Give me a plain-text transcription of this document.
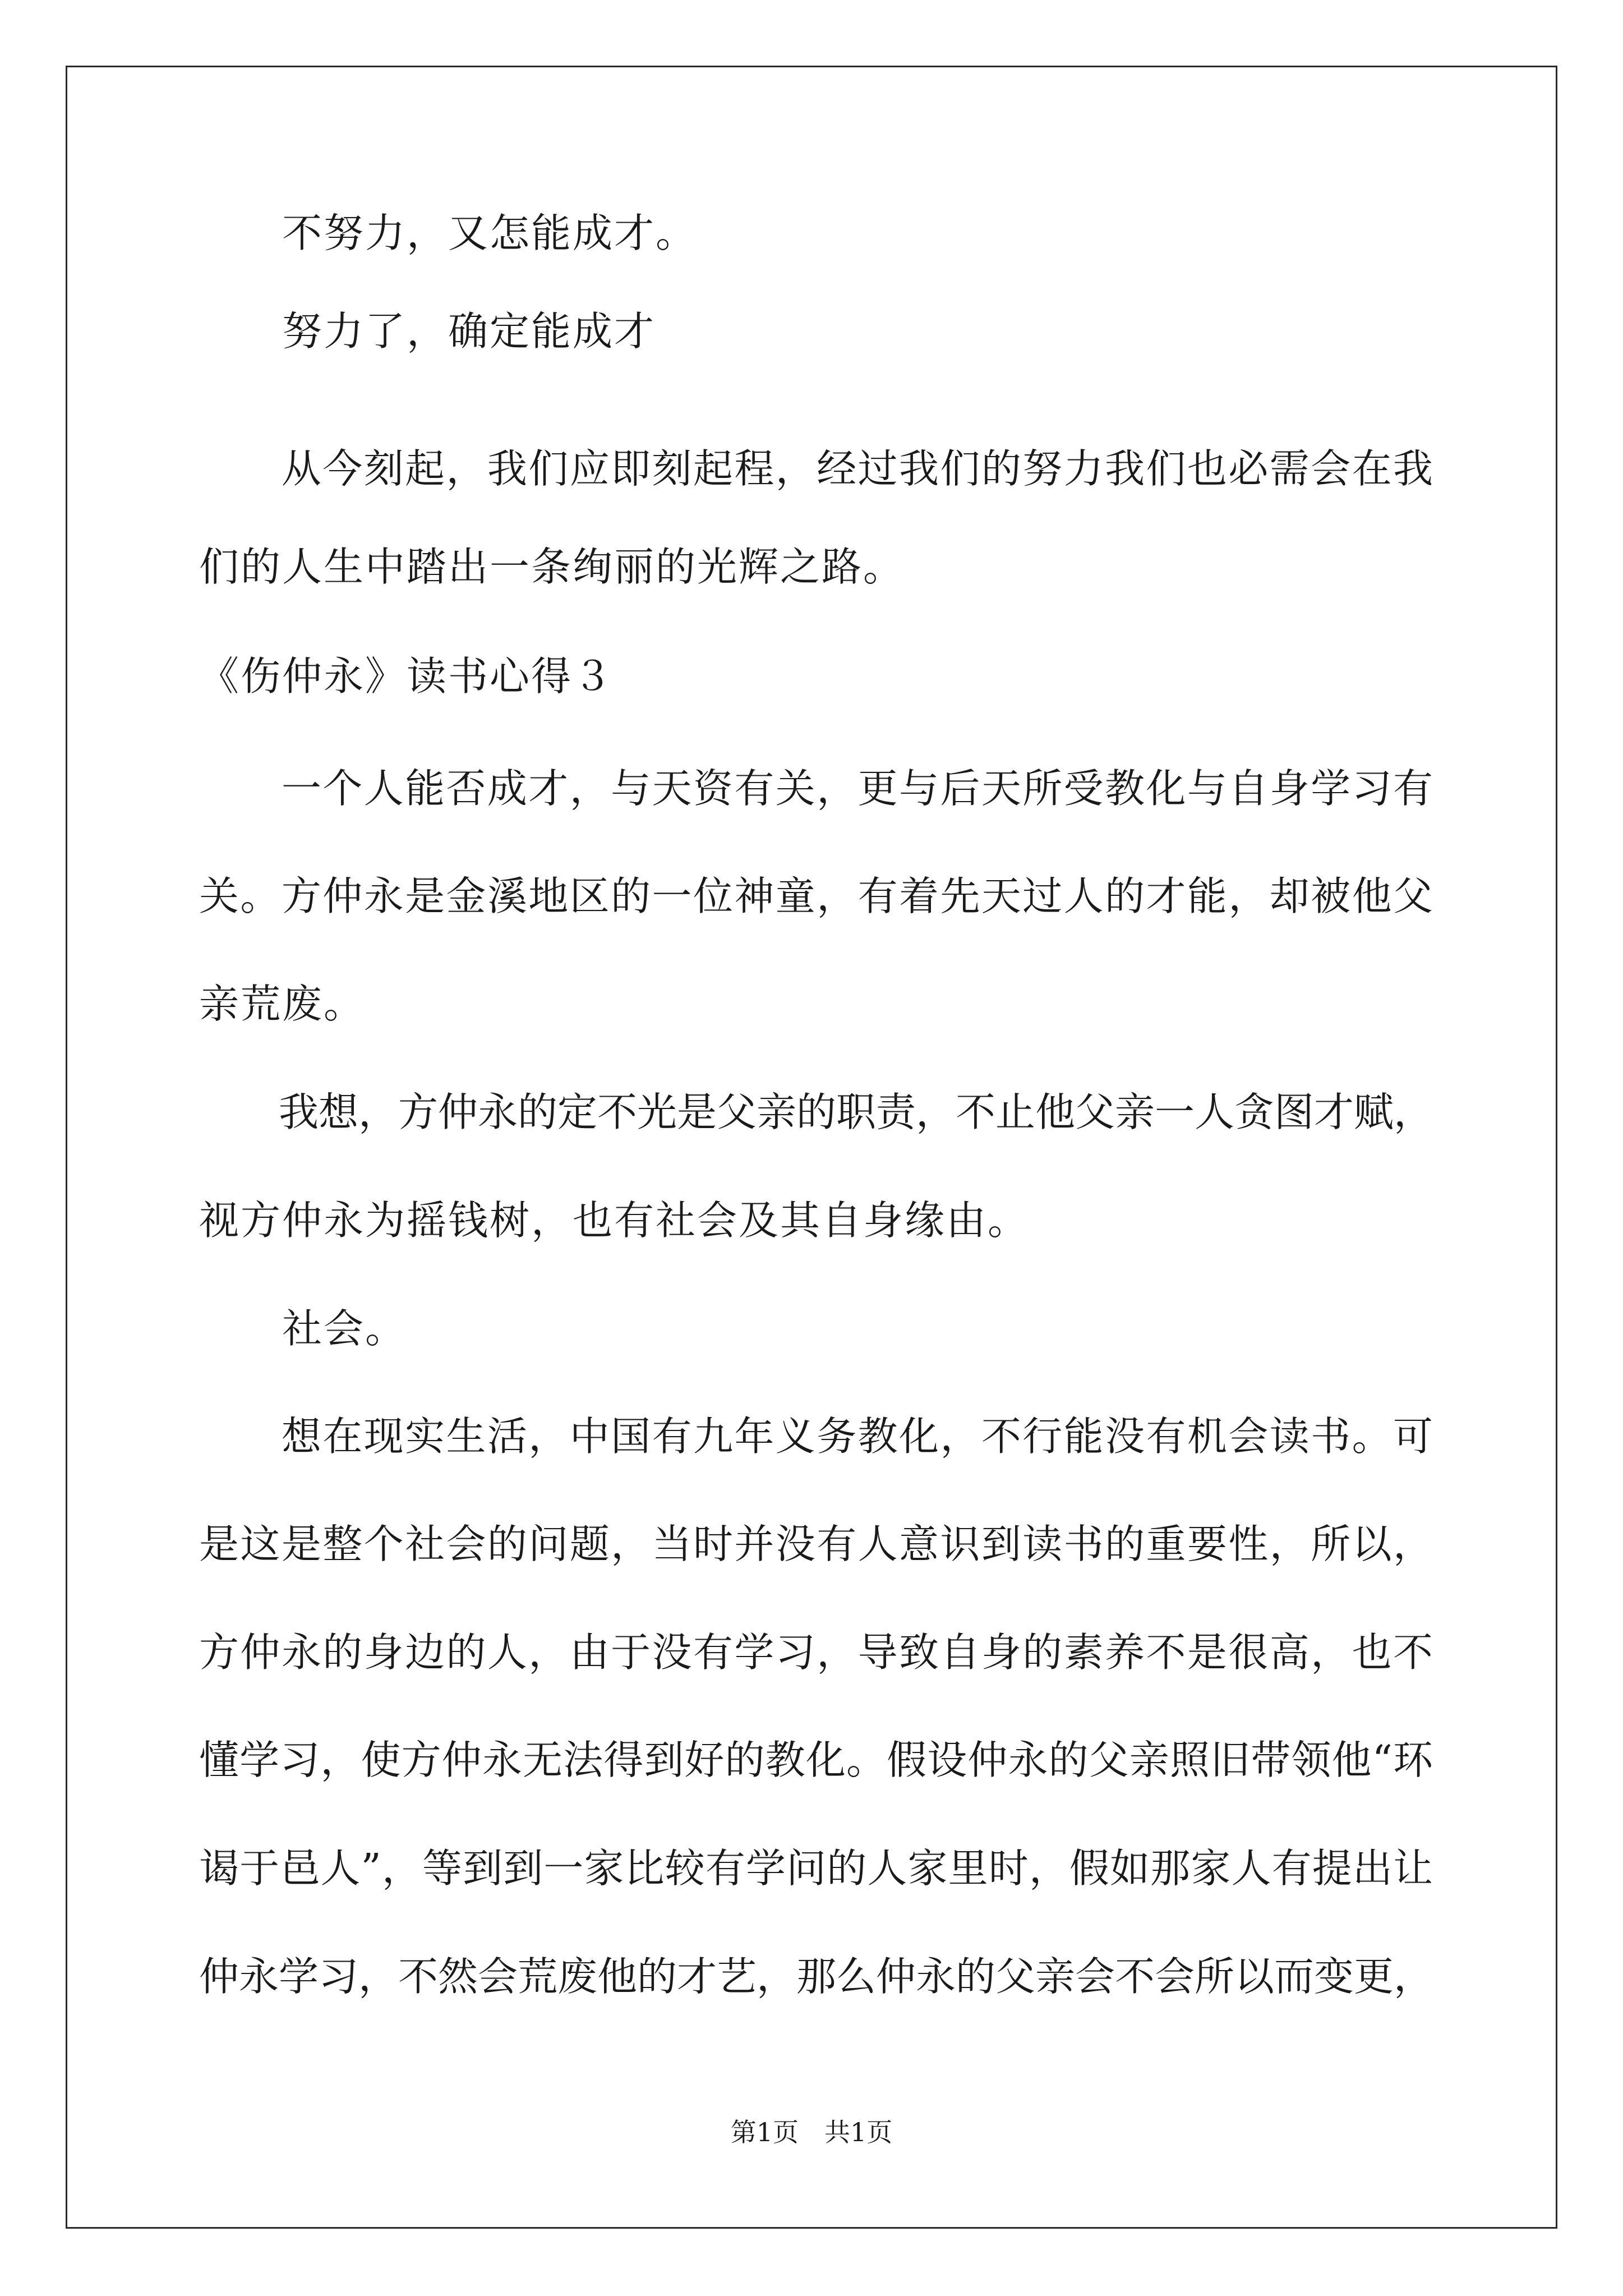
　　不努力，又怎能成才。
　　努力了，确定能成才
　　从今刻起，我们应即刻起程，经过我们的努力我们也必需会在我
们的人生中踏出一条绚丽的光辉之路。
《伤仲永》读书心得３
　　一个人能否成才，与天资有关，更与后天所受教化与自身学习有
关。方仲永是金溪地区的一位神童，有着先天过人的才能，却被他父
亲荒废。
　　我想，方仲永的定不光是父亲的职责，不止他父亲一人贪图才赋，
视方仲永为摇钱树，也有社会及其自身缘由。
　　社会。
　　想在现实生活，中国有九年义务教化，不行能没有机会读书。可
是这是整个社会的问题，当时并没有人意识到读书的重要性，所以，
方仲永的身边的人，由于没有学习，导致自身的素养不是很高，也不
懂学习，使方仲永无法得到好的教化。假设仲永的父亲照旧带领他“环
谒于邑人”，等到到一家比较有学问的人家里时，假如那家人有提出让
仲永学习，不然会荒废他的才艺，那么仲永的父亲会不会所以而变更，
第1页　共1页
